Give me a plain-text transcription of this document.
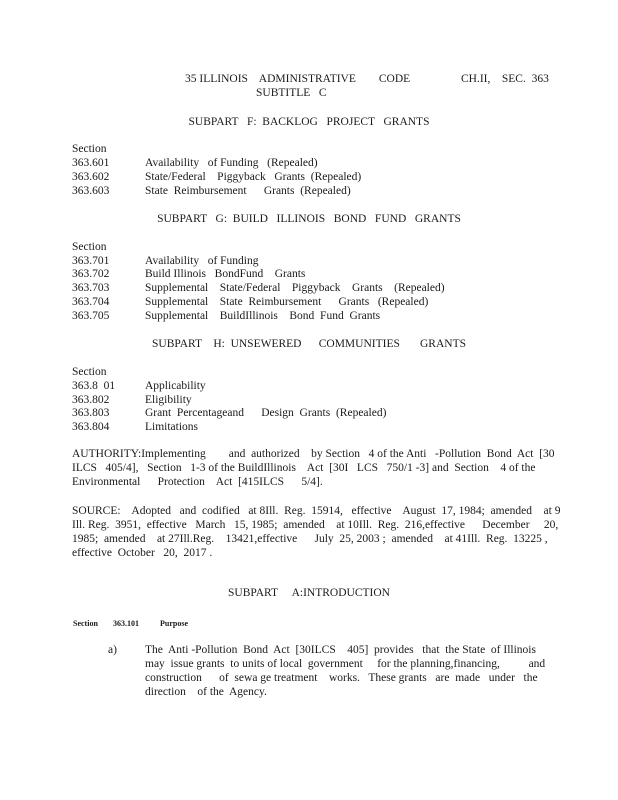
35 ILLINOIS    ADMINISTRATIVE        CODE	CH.II,    SEC.  363
SUBTITLE   C
SUBPART   F:  BACKLOG   PROJECT   GRANTS
Section
363.601	Availability   of Funding   (Repealed)
363.602	State/Federal    Piggyback   Grants  (Repealed)
363.603	State  Reimbursement      Grants  (Repealed)
SUBPART   G:  BUILD   ILLINOIS   BOND   FUND   GRANTS
Section
363.701	Availability   of Funding
363.702	Build Illinois   BondFund    Grants
363.703	Supplemental    State/Federal    Piggyback    Grants    (Repealed)
363.704	Supplemental    State  Reimbursement      Grants   (Repealed)
363.705	Supplemental    BuildIllinois    Bond  Fund  Grants
SUBPART    H:  UNSEWERED      COMMUNITIES       GRANTS
Section
363.8  01	Applicability
363.802	Eligibility
363.803	Grant  Percentageand      Design  Grants  (Repealed)
363.804	Limitations
AUTHORITY:Implementing        and  authorized    by Section   4 of the Anti   -Pollution  Bond  Act  [30
ILCS   405/4],   Section   1-3 of the BuildIllinois    Act  [30I   LCS   750/1 -3] and  Section    4 of the
Environmental      Protection    Act  [415ILCS      5/4].
SOURCE:    Adopted   and  codified   at 8Ill.  Reg.  15914,   effective    August  17, 1984;  amended    at 9
Ill. Reg.  3951,  effective   March   15, 1985;  amended    at 10Ill.  Reg.  216,effective      December     20,
1985;  amended    at 27Ill.Reg.    13421,effective      July  25, 2003 ;  amended    at 41Ill.  Reg.  13225 ,
effective  October   20,  2017 .
SUBPART     A:INTRODUCTION
Section 363.101	Purpose
a) The  Anti -Pollution  Bond  Act  [30ILCS    405]  provides   that  the State  of Illinois
may  issue grants  to units of local  government     for the planning,financing,          and
construction      of  sewa ge treatment    works.   These grants   are  made   under   the
direction    of the  Agency.
